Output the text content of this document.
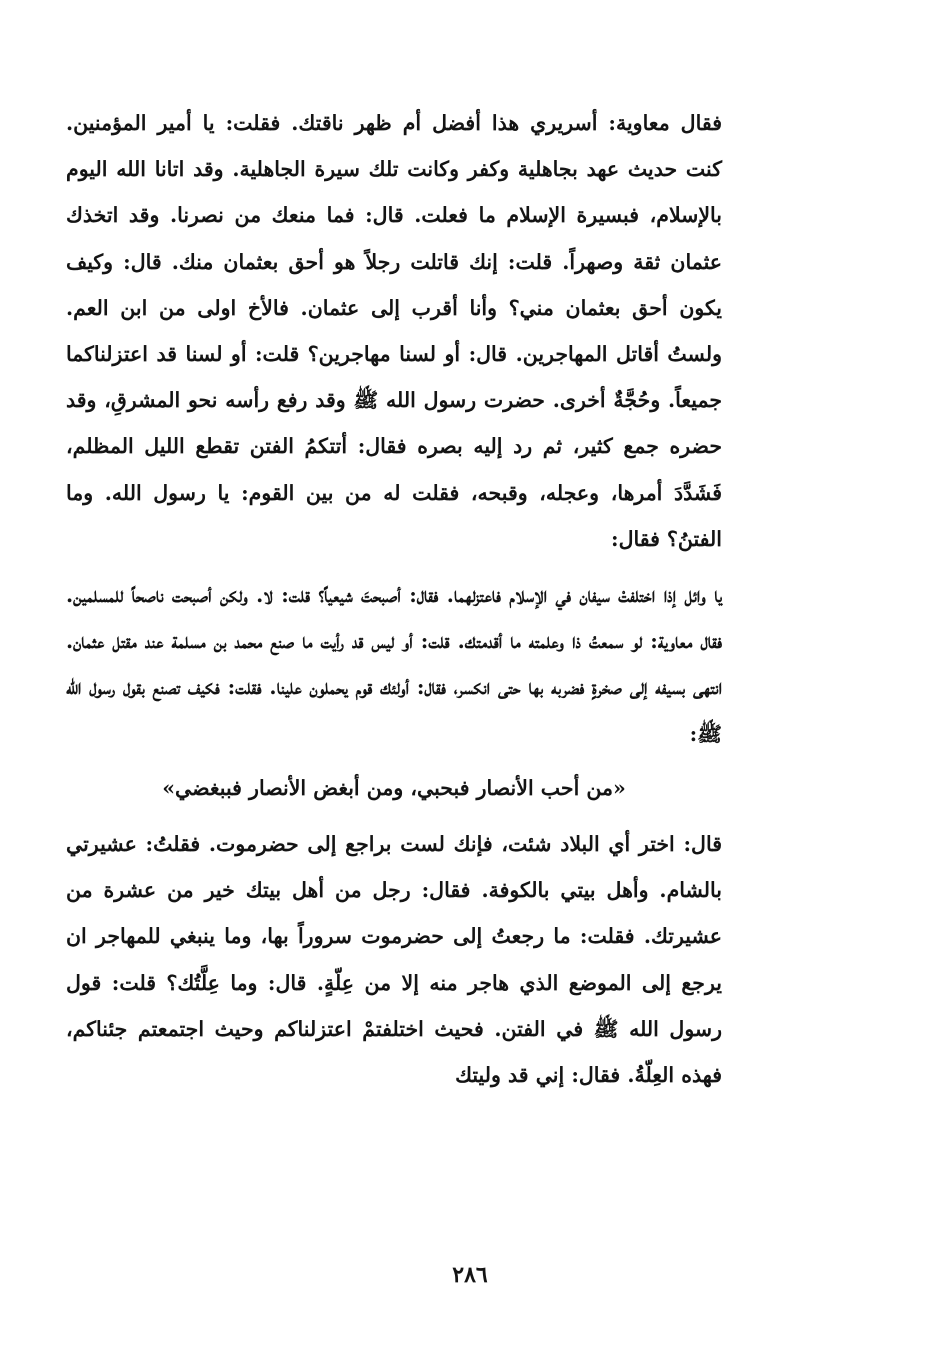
فقال معاوية: أسريري هذا أفضل أم ظهر ناقتك. فقلت: يا أمير المؤمنين. كنت حديث عهد بجاهلية وكفر وكانت تلك سيرة الجاهلية. وقد اتانا الله اليوم بالإسلام، فبسيرة الإسلام ما فعلت. قال: فما منعك من نصرنا. وقد اتخذك عثمان ثقة وصهراً. قلت: إنك قاتلت رجلاً هو أحق بعثمان منك. قال: وكيف يكون أحق بعثمان مني؟ وأنا أقرب إلى عثمان. فالأخ اولى من ابن العم. ولستُ أقاتل المهاجرين. قال: أو لسنا مهاجرين؟ قلت: أو لسنا قد اعتزلناكما جميعاً. وحُجَّةٌ أخرى. حضرت رسول الله ﷺ وقد رفع رأسه نحو المشرقِ، وقد حضره جمع كثير، ثم رد إليه بصره فقال: أتتكمُ الفتن تقطع الليل المظلم، فَشَدَّدَ أمرها، وعجله، وقبحه، فقلت له من بين القوم: يا رسول الله. وما الفتنُ؟ فقال:

يا وائل إذا اختلفتْ سيفان في الإسلام فاعتزلهما. فقال: أصبحتَ شيعياً؟ قلت: لا. ولكن أصبحت ناصحاً للمسلمين. فقال معاوية: لو سمعتُ ذا وعلمته ما أقدمتك. قلت: أو ليس قد رأيت ما صنع محمد بن مسلمة عند مقتل عثمان. انتهى بسيفه إلى صخرةٍ فضربه بها حتى انكسر، فقال: أولئك قوم يحملون علينا. فقلت: فكيف تصنع بقول رسول الله ﷺ:

«من أحب الأنصار فبحبي، ومن أبغض الأنصار فببغضي»

قال: اختر أي البلاد شئت، فإنك لست براجع إلى حضرموت. فقلتُ: عشيرتي بالشام. وأهل بيتي بالكوفة. فقال: رجل من أهل بيتك خير من عشرة من عشيرتك. فقلت: ما رجعتُ إلى حضرموت سروراً بها، وما ينبغي للمهاجر ان يرجع إلى الموضع الذي هاجر منه إلا من عِلّةٍ. قال: وما عِلَّتُك؟ قلت: قول رسول الله ﷺ في الفتن. فحيث اختلفتمْ اعتزلناكم وحيث اجتمعتم جئناكم، فهذه العِلّةُ. فقال: إني قد وليتك

٢٨٦
